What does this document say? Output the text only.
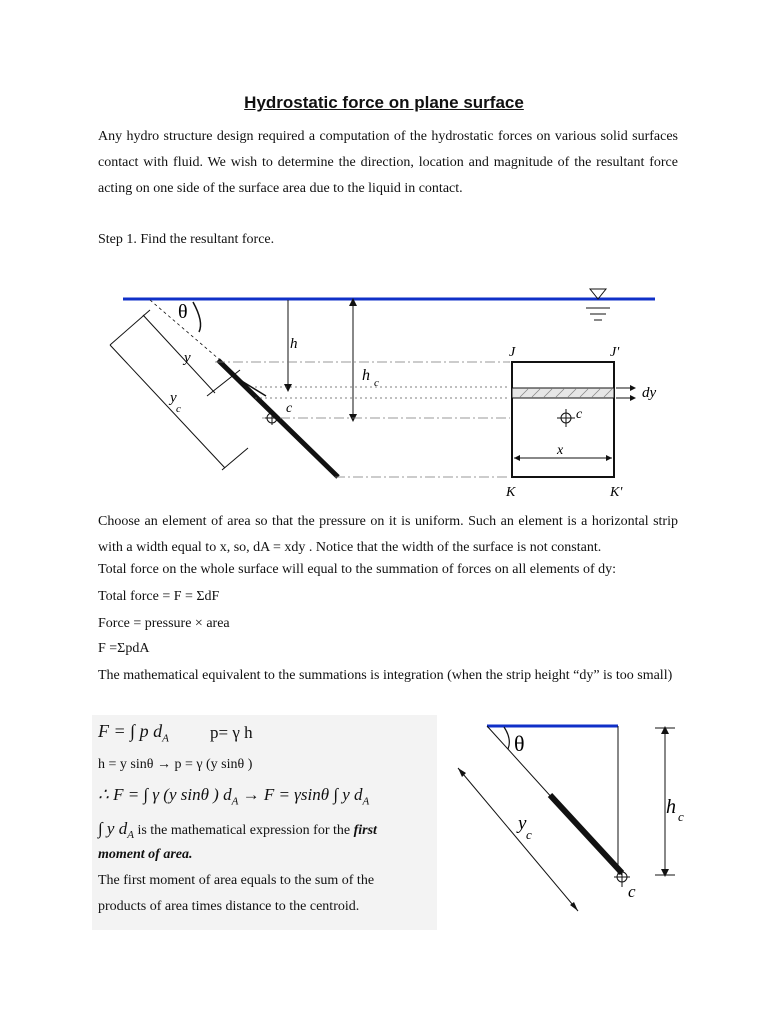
Hydrostatic force on plane surface
Any hydro structure design required a computation of the hydrostatic forces on various solid surfaces contact with fluid. We wish to determine the direction, location and magnitude of the resultant force acting on one side of the surface area due to the liquid in contact.
Step 1. Find the resultant force.
θ
h
h c
y
y
c	c
J	J'
K	K'
c
dy
x
Choose an element of area so that the pressure on it is uniform. Such an element is a horizontal strip with a width equal to x, so, dA = xdy . Notice that the width of the surface is not constant.
Total force on the whole surface will equal to the summation of forces on all elements of dy:
Total force = F = ΣdF
Force = pressure × area
F =ΣpdA
The mathematical equivalent to the summations is integration (when the strip height “dy” is too small)
F = ∫ p $d_A$ p= γ h
h = y sinθ → p = γ (y sinθ )
∴ F = ∫ γ (y sinθ ) $d_A \to F = \gamma\sin\theta$ ∫ y $d_A$
∫ y $d_A$ is the mathematical expression for the first
moment of area.
The first moment of area equals to the sum of the
products of area times distance to the centroid.
θ
h c
y
c
c
